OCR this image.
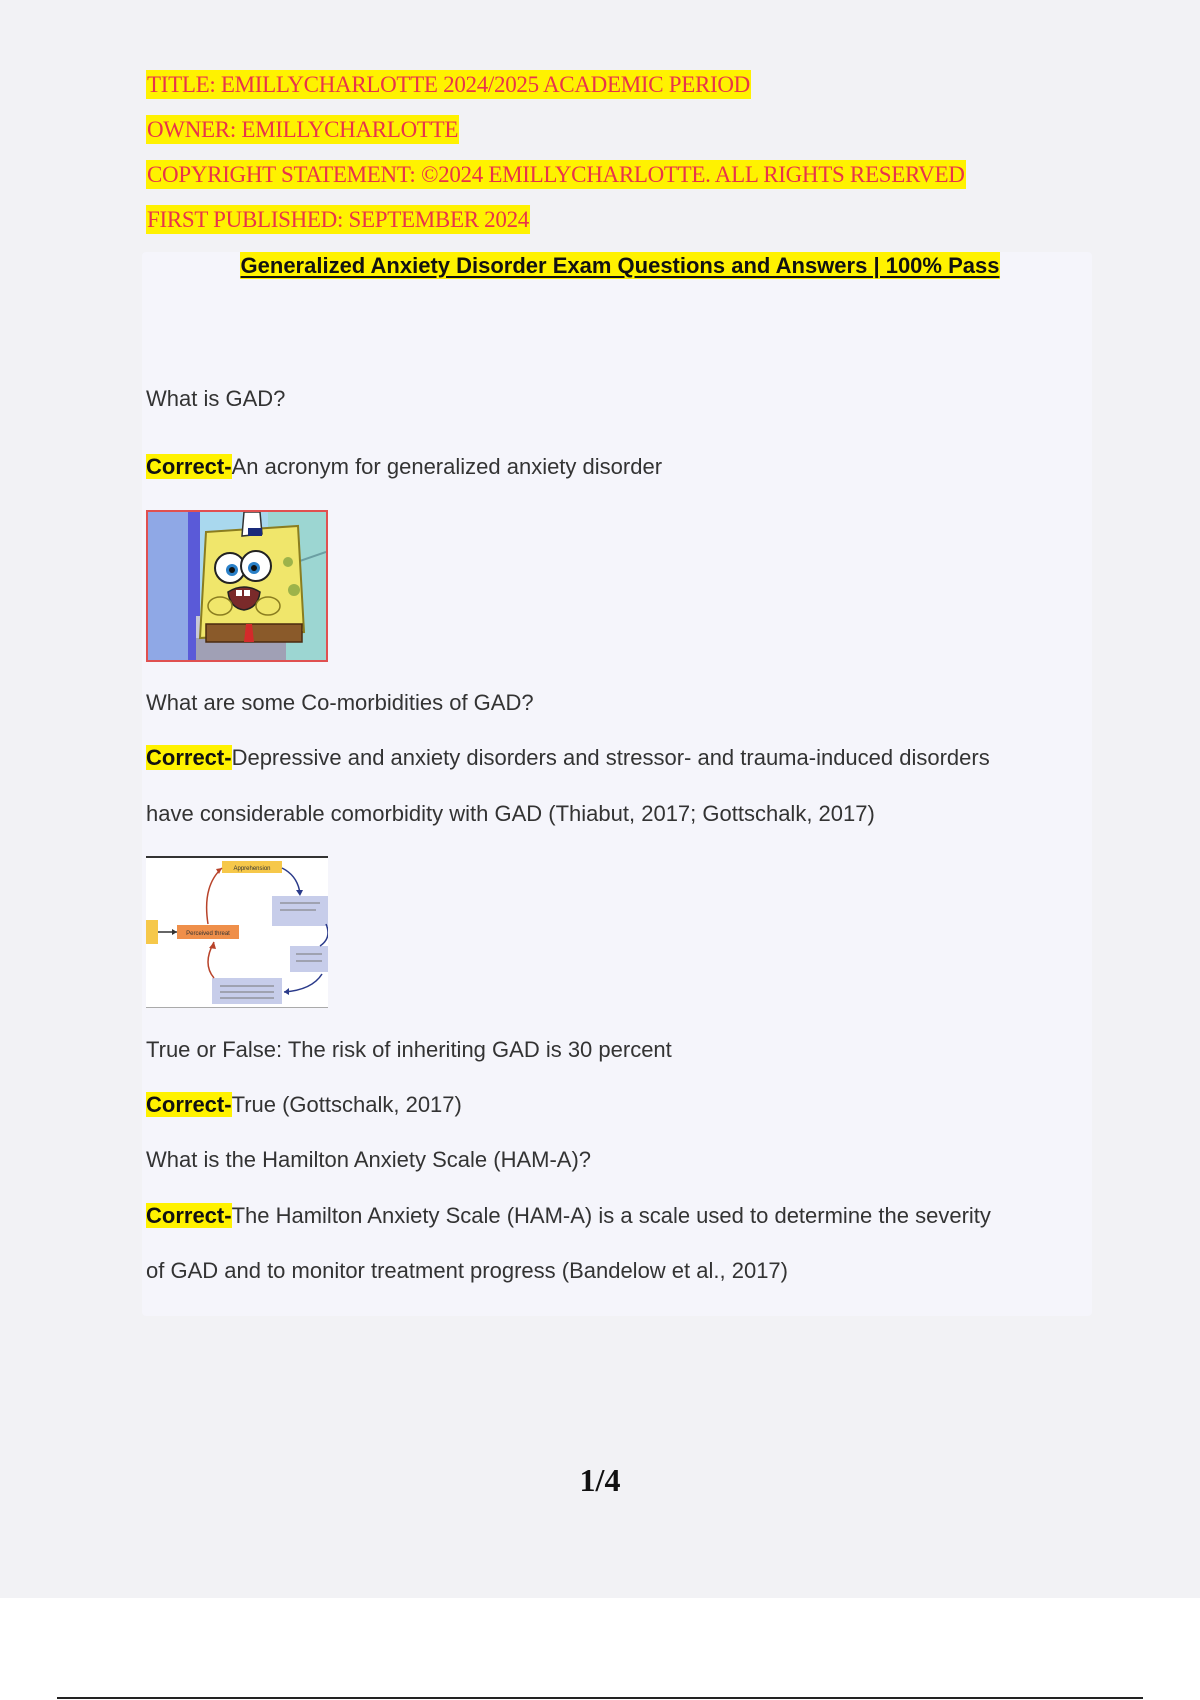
TITLE: EMILLYCHARLOTTE 2024/2025 ACADEMIC PERIOD
OWNER: EMILLYCHARLOTTE
COPYRIGHT STATEMENT: ©2024 EMILLYCHARLOTTE. ALL RIGHTS RESERVED
FIRST PUBLISHED: SEPTEMBER 2024
Generalized Anxiety Disorder Exam Questions and Answers | 100% Pass
What is GAD?
Correct-An acronym for generalized anxiety disorder
What are some Co-morbidities of GAD?
Correct-Depressive and anxiety disorders and stressor- and trauma-induced disorders
have considerable comorbidity with GAD (Thiabut, 2017; Gottschalk, 2017)
Apprehension
Perceived threat
True or False: The risk of inheriting GAD is 30 percent
Correct-True (Gottschalk, 2017)
What is the Hamilton Anxiety Scale (HAM-A)?
Correct-The Hamilton Anxiety Scale (HAM-A) is a scale used to determine the severity
of GAD and to monitor treatment progress (Bandelow et al., 2017)
1/4
